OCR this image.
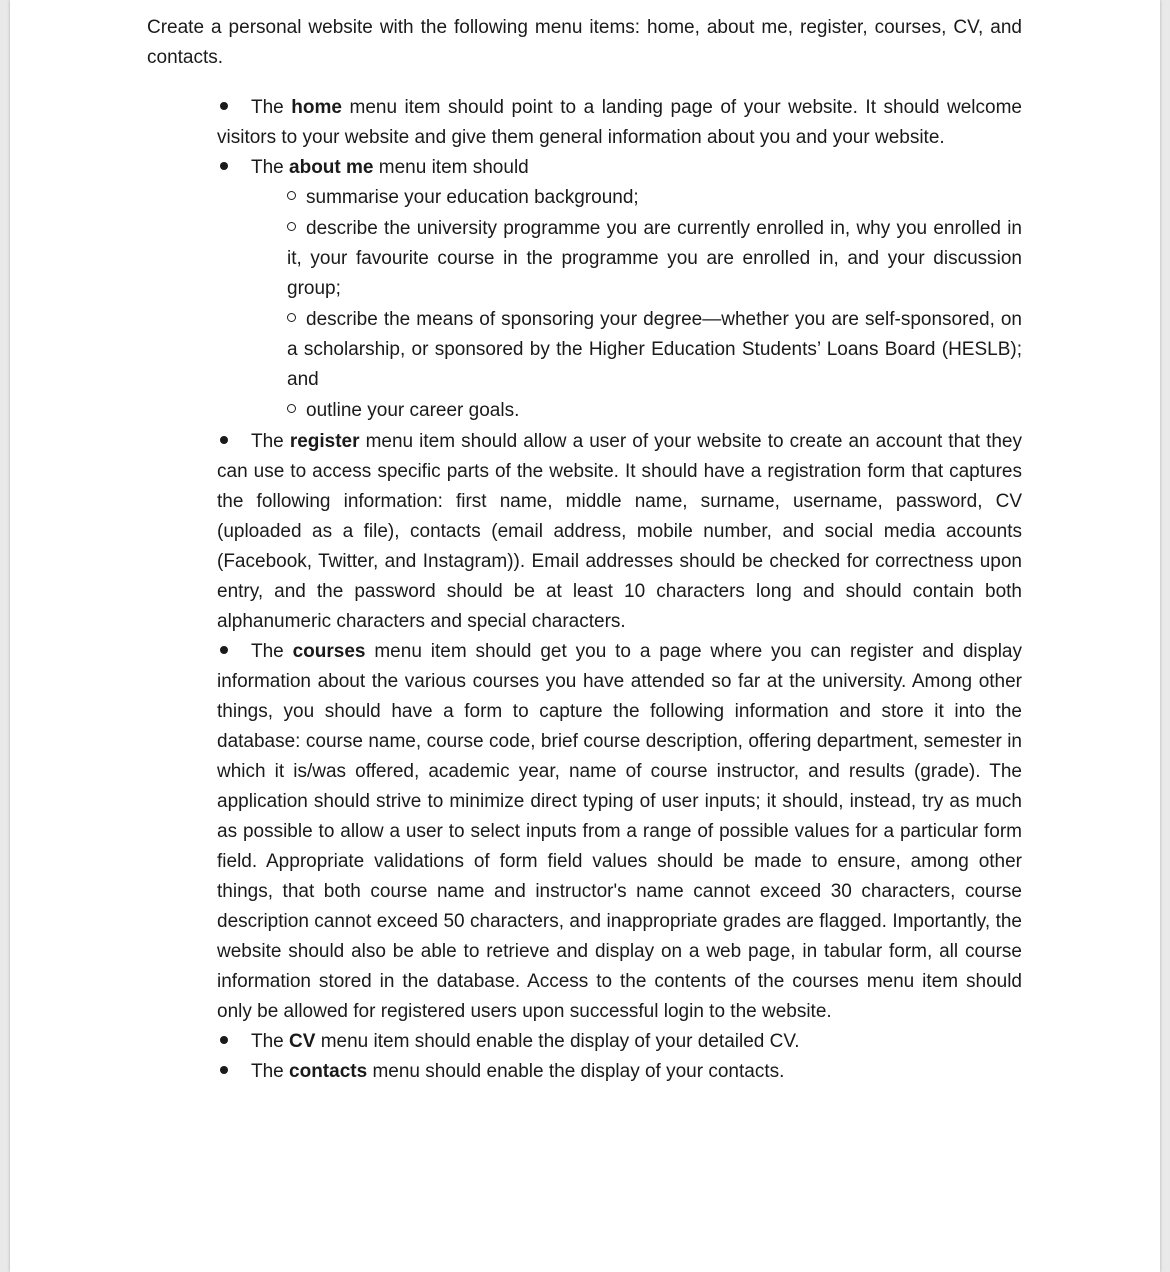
Create a personal website with the following menu items: home, about me, register, courses, CV, and contacts.

The home menu item should point to a landing page of your website. It should welcome visitors to your website and give them general information about you and your website.
The about me menu item should
summarise your education background;
describe the university programme you are currently enrolled in, why you enrolled in it, your favourite course in the programme you are enrolled in, and your discussion group;
describe the means of sponsoring your degree—whether you are self-sponsored, on a scholarship, or sponsored by the Higher Education Students’ Loans Board (HESLB); and
outline your career goals.
The register menu item should allow a user of your website to create an account that they can use to access specific parts of the website. It should have a registration form that captures the following information: first name, middle name, surname, username, password, CV (uploaded as a file), contacts (email address, mobile number, and social media accounts (Facebook, Twitter, and Instagram)). Email addresses should be checked for correctness upon entry, and the password should be at least 10 characters long and should contain both alphanumeric characters and special characters.
The courses menu item should get you to a page where you can register and display information about the various courses you have attended so far at the university. Among other things, you should have a form to capture the following information and store it into the database: course name, course code, brief course description, offering department, semester in which it is/was offered, academic year, name of course instructor, and results (grade). The application should strive to minimize direct typing of user inputs; it should, instead, try as much as possible to allow a user to select inputs from a range of possible values for a particular form field. Appropriate validations of form field values should be made to ensure, among other things, that both course name and instructor's name cannot exceed 30 characters, course description cannot exceed 50 characters, and inappropriate grades are flagged. Importantly, the website should also be able to retrieve and display on a web page, in tabular form, all course information stored in the database. Access to the contents of the courses menu item should only be allowed for registered users upon successful login to the website.
The CV menu item should enable the display of your detailed CV.
The contacts menu should enable the display of your contacts.
